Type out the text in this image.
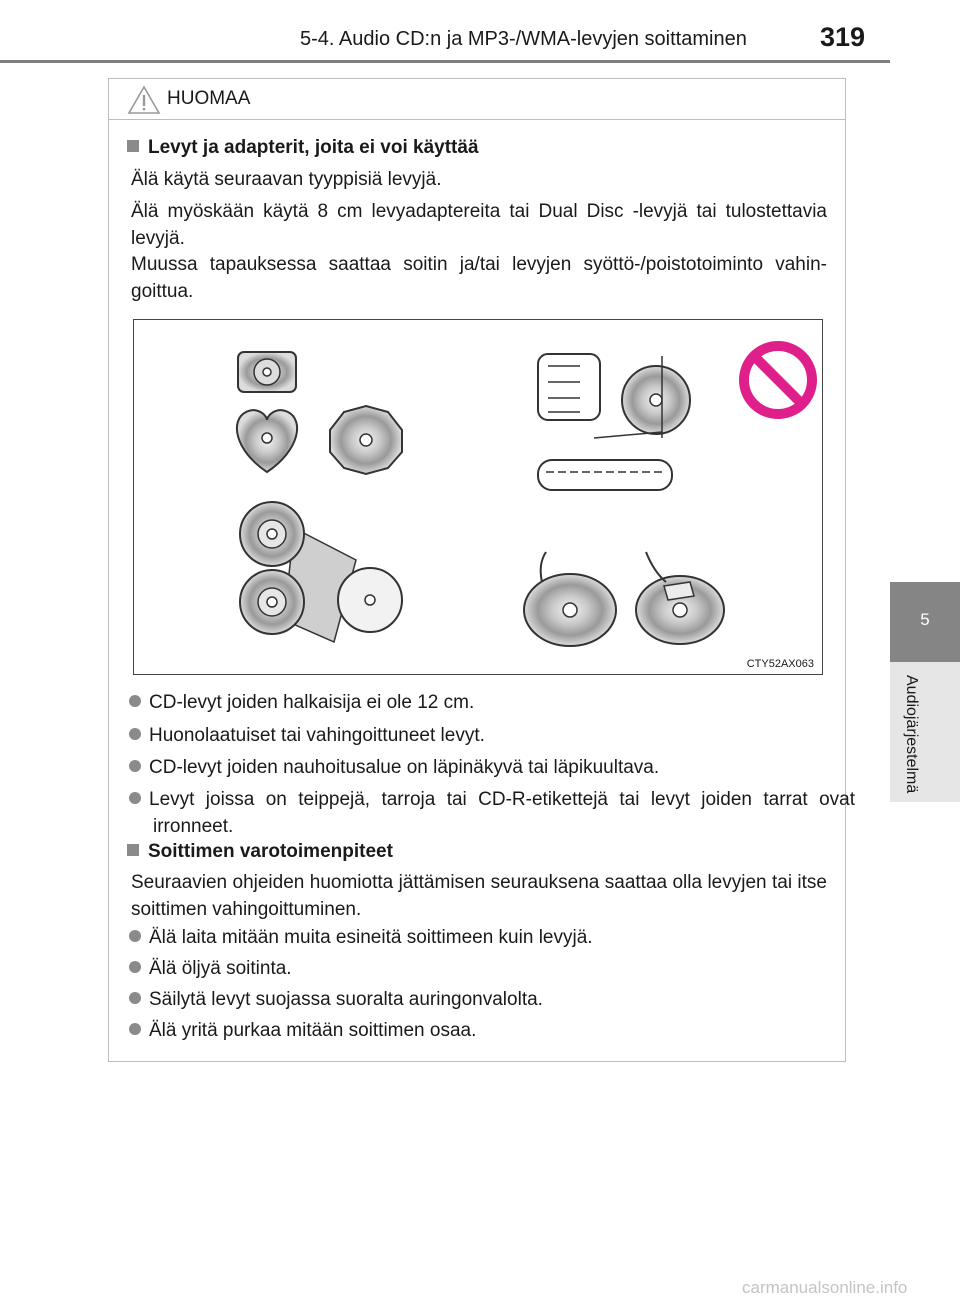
5-4. Audio CD:n ja MP3-/WMA-levyjen soittaminen	319
5
Audiojärjestelmä
HUOMAA
Levyt ja adapterit, joita ei voi käyttää
Älä käytä seuraavan tyyppisiä levyjä.
Älä myöskään käytä 8 cm levyadaptereita tai Dual Disc -levyjä tai tulostettavia levyjä.
Muussa tapauksessa saattaa soitin ja/tai levyjen syöttö-/poistotoiminto vahin-goittua.
CTY52AX063
CD-levyt joiden halkaisija ei ole 12 cm.
Huonolaatuiset tai vahingoittuneet levyt.
CD-levyt joiden nauhoitusalue on läpinäkyvä tai läpikuultava.
Levyt joissa on teippejä, tarroja tai CD-R-etikettejä tai levyt joiden tarrat ovat irronneet.
Soittimen varotoimenpiteet
Seuraavien ohjeiden huomiotta jättämisen seurauksena saattaa olla levyjen tai itse soittimen vahingoittuminen.
Älä laita mitään muita esineitä soittimeen kuin levyjä.
Älä öljyä soitinta.
Säilytä levyt suojassa suoralta auringonvalolta.
Älä yritä purkaa mitään soittimen osaa.
carmanualsonline.info
